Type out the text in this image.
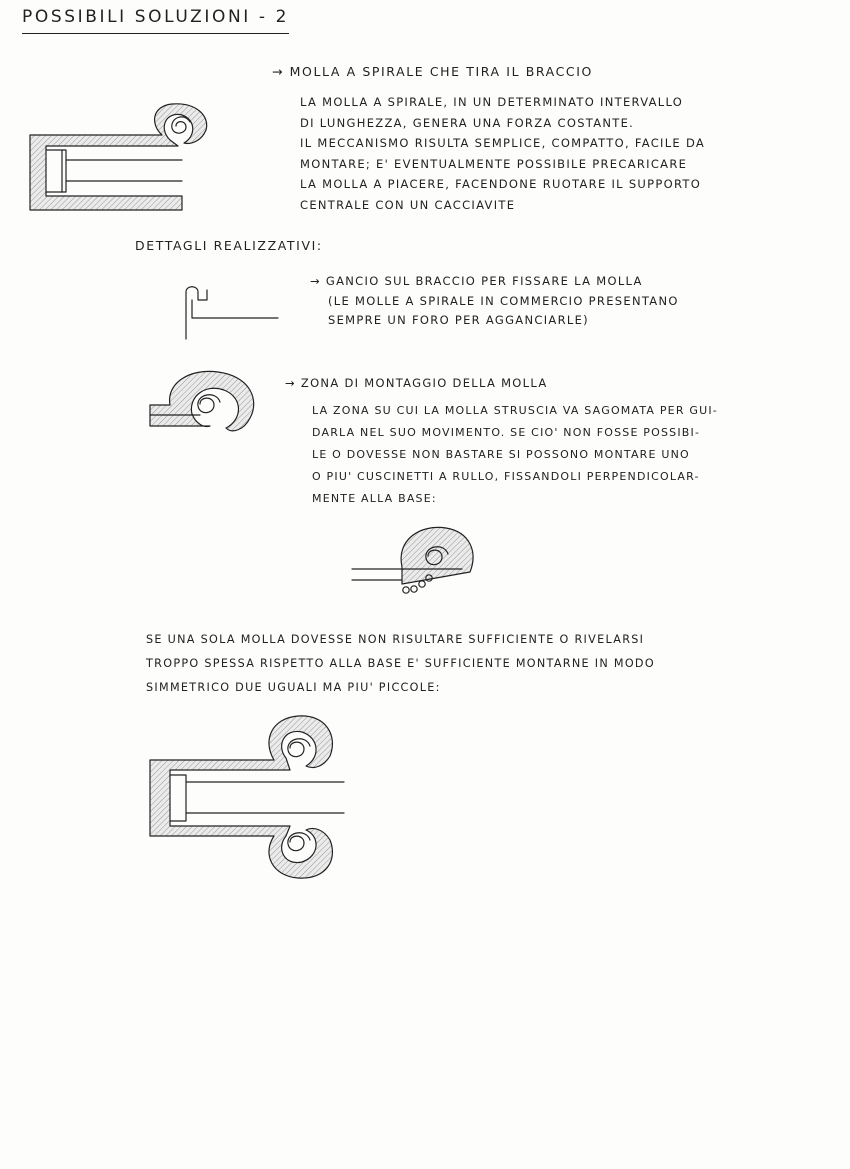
POSSIBILI SOLUZIONI - 2
→ MOLLA A SPIRALE CHE TIRA IL BRACCIO
LA MOLLA A SPIRALE, IN UN DETERMINATO INTERVALLO
DI LUNGHEZZA, GENERA UNA FORZA COSTANTE.
IL MECCANISMO RISULTA SEMPLICE, COMPATTO, FACILE DA
MONTARE; E' EVENTUALMENTE POSSIBILE PRECARICARE
LA MOLLA A PIACERE, FACENDONE RUOTARE IL SUPPORTO
CENTRALE CON UN CACCIAVITE
DETTAGLI REALIZZATIVI:
→ GANCIO SUL BRACCIO PER FISSARE LA MOLLA
(LE MOLLE A SPIRALE IN COMMERCIO PRESENTANO
SEMPRE UN FORO PER AGGANCIARLE)
→ ZONA DI MONTAGGIO DELLA MOLLA
LA ZONA SU CUI LA MOLLA STRUSCIA VA SAGOMATA PER GUI-
DARLA NEL SUO MOVIMENTO. SE CIO' NON FOSSE POSSIBI-
LE O DOVESSE NON BASTARE SI POSSONO MONTARE UNO
O PIU' CUSCINETTI A RULLO, FISSANDOLI PERPENDICOLAR-
MENTE ALLA BASE:
SE UNA SOLA MOLLA DOVESSE NON RISULTARE SUFFICIENTE O RIVELARSI
TROPPO SPESSA RISPETTO ALLA BASE E' SUFFICIENTE MONTARNE IN MODO
SIMMETRICO DUE UGUALI MA PIU' PICCOLE:
